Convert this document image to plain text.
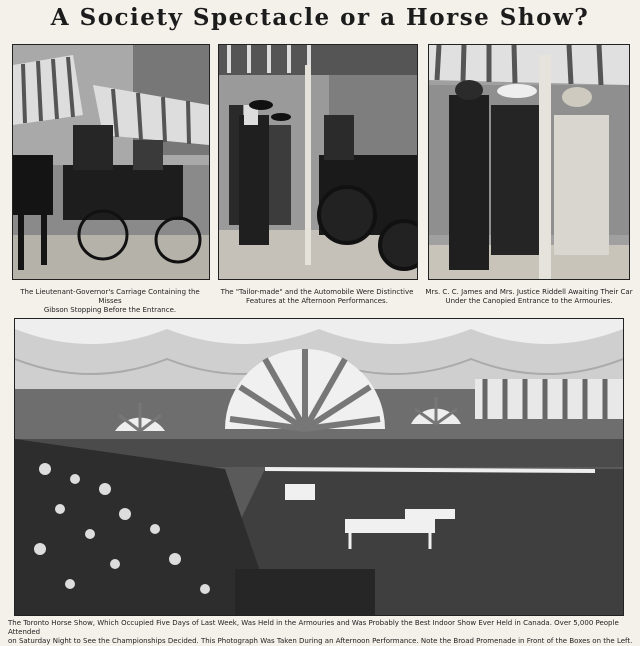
A Society Spectacle or a Horse Show?

The Lieutenant-Governor's Carriage Containing the Misses

Gibson Stopping Before the Entrance.

The "Tailor-made" and the Automobile Were Distinctive

Features at the Afternoon Performances.

Mrs. C. C. James and Mrs. Justice Riddell Awaiting Their Car

Under the Canopied Entrance to the Armouries.

The Toronto Horse Show, Which Occupied Five Days of Last Week, Was Held in the Armouries and Was Probably the Best Indoor Show Ever Held in Canada. Over 5,000 People Attended

on Saturday Night to See the Championships Decided. This Photograph Was Taken During an Afternoon Performance. Note the Broad Promenade in Front of the Boxes on the Left.
